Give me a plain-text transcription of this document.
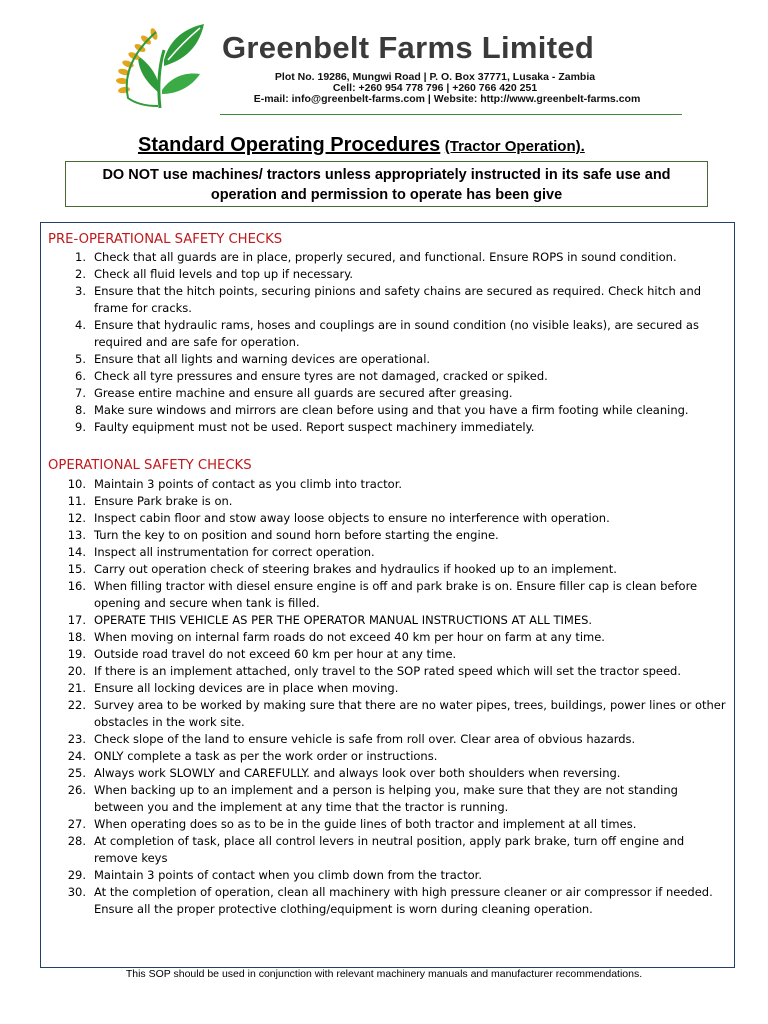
Greenbelt Farms Limited
Plot No. 19286, Mungwi Road | P. O. Box 37771, Lusaka - Zambia
Cell: +260 954 778 796 | +260 766 420 251
E-mail: info@greenbelt-farms.com | Website: http://www.greenbelt-farms.com
Standard Operating Procedures (Tractor Operation).
DO NOT use machines/ tractors unless appropriately instructed in its safe use and
operation and permission to operate has been give
PRE-OPERATIONAL SAFETY CHECKS
1. Check that all guards are in place, properly secured, and functional. Ensure ROPS in sound condition.
2. Check all fluid levels and top up if necessary.
3. Ensure that the hitch points, securing pinions and safety chains are secured as required. Check hitch and frame for cracks.
4. Ensure that hydraulic rams, hoses and couplings are in sound condition (no visible leaks), are secured as required and are safe for operation.
5. Ensure that all lights and warning devices are operational.
6. Check all tyre pressures and ensure tyres are not damaged, cracked or spiked.
7. Grease entire machine and ensure all guards are secured after greasing.
8. Make sure windows and mirrors are clean before using and that you have a firm footing while cleaning.
9. Faulty equipment must not be used. Report suspect machinery immediately.
OPERATIONAL SAFETY CHECKS
10. Maintain 3 points of contact as you climb into tractor.
11. Ensure Park brake is on.
12. Inspect cabin floor and stow away loose objects to ensure no interference with operation.
13. Turn the key to on position and sound horn before starting the engine.
14. Inspect all instrumentation for correct operation.
15. Carry out operation check of steering brakes and hydraulics if hooked up to an implement.
16. When filling tractor with diesel ensure engine is off and park brake is on. Ensure filler cap is clean before opening and secure when tank is filled.
17. OPERATE THIS VEHICLE AS PER THE OPERATOR MANUAL INSTRUCTIONS AT ALL TIMES.
18. When moving on internal farm roads do not exceed 40 km per hour on farm at any time.
19. Outside road travel do not exceed 60 km per hour at any time.
20. If there is an implement attached, only travel to the SOP rated speed which will set the tractor speed.
21. Ensure all locking devices are in place when moving.
22. Survey area to be worked by making sure that there are no water pipes, trees, buildings, power lines or other obstacles in the work site.
23. Check slope of the land to ensure vehicle is safe from roll over. Clear area of obvious hazards.
24. ONLY complete a task as per the work order or instructions.
25. Always work SLOWLY and CAREFULLY. and always look over both shoulders when reversing.
26. When backing up to an implement and a person is helping you, make sure that they are not standing between you and the implement at any time that the tractor is running.
27. When operating does so as to be in the guide lines of both tractor and implement at all times.
28. At completion of task, place all control levers in neutral position, apply park brake, turn off engine and remove keys
29. Maintain 3 points of contact when you climb down from the tractor.
30. At the completion of operation, clean all machinery with high pressure cleaner or air compressor if needed. Ensure all the proper protective clothing/equipment is worn during cleaning operation.
This SOP should be used in conjunction with relevant machinery manuals and manufacturer recommendations.
